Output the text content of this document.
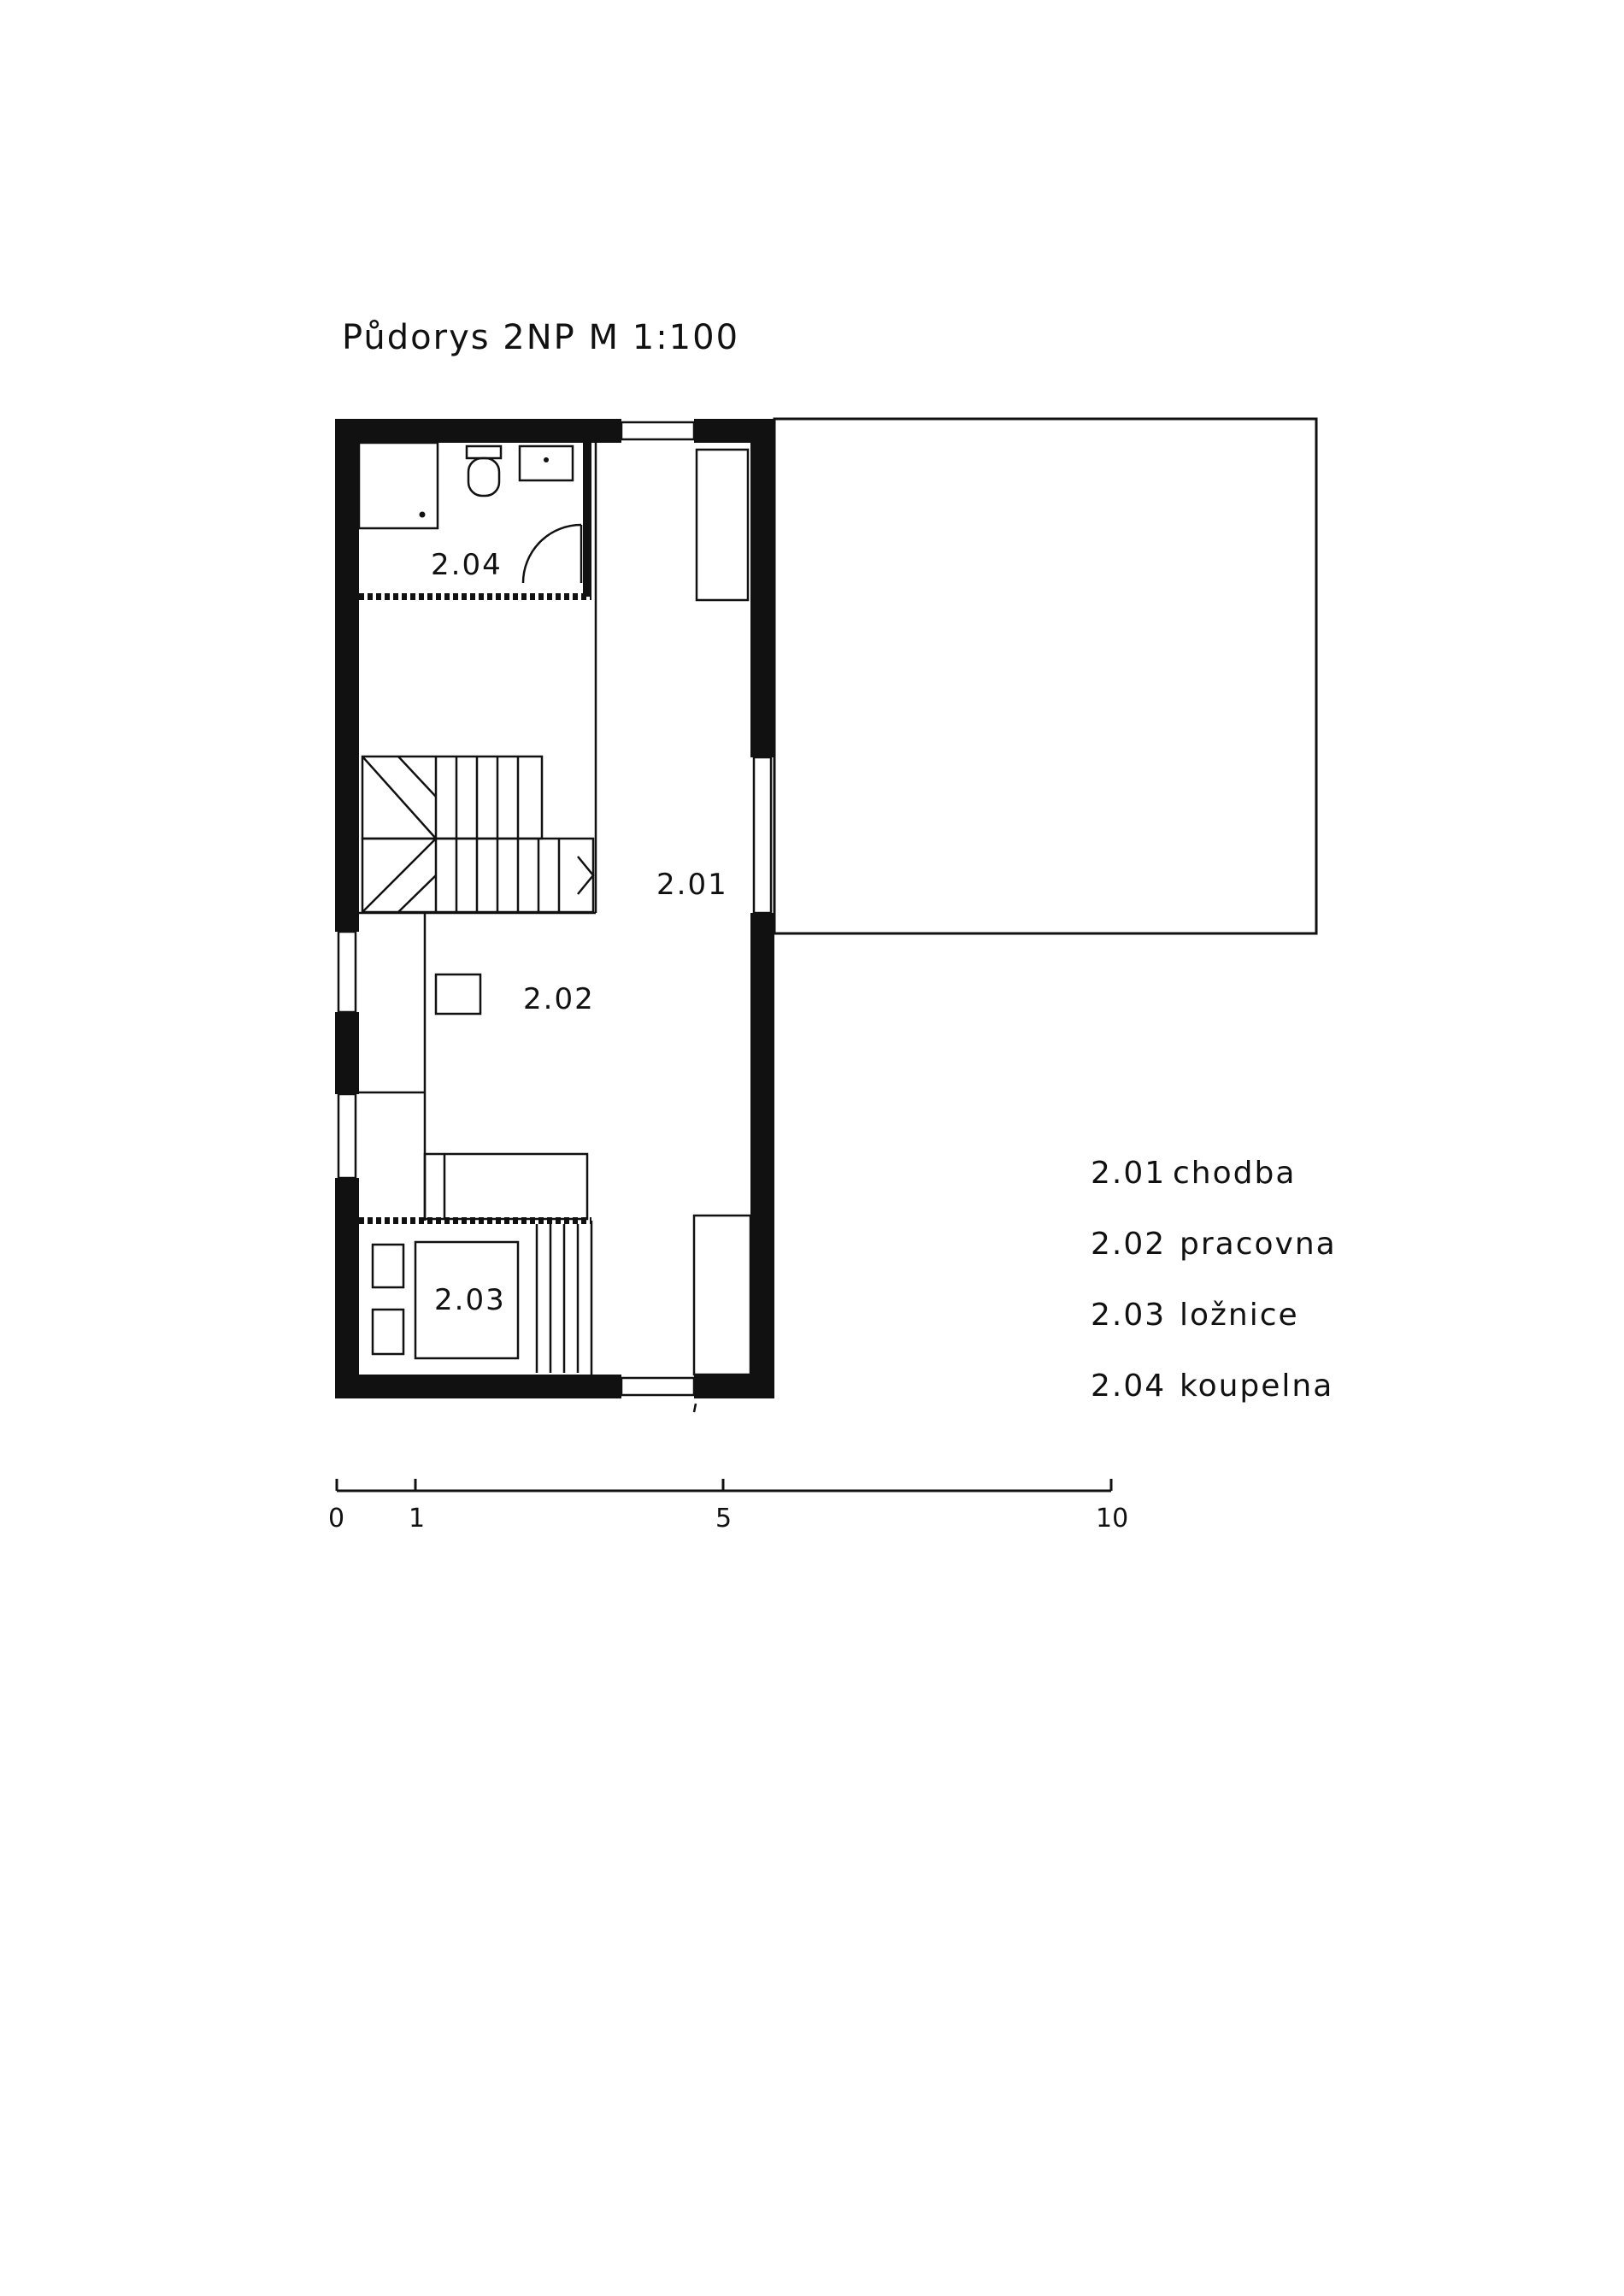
Půdorys 2NP M 1:100
2.04
2.01
2.02
2.03
2.01 chodba
2.02 pracovna
2.03 ložnice
2.04 koupelna
0 1	5	10
